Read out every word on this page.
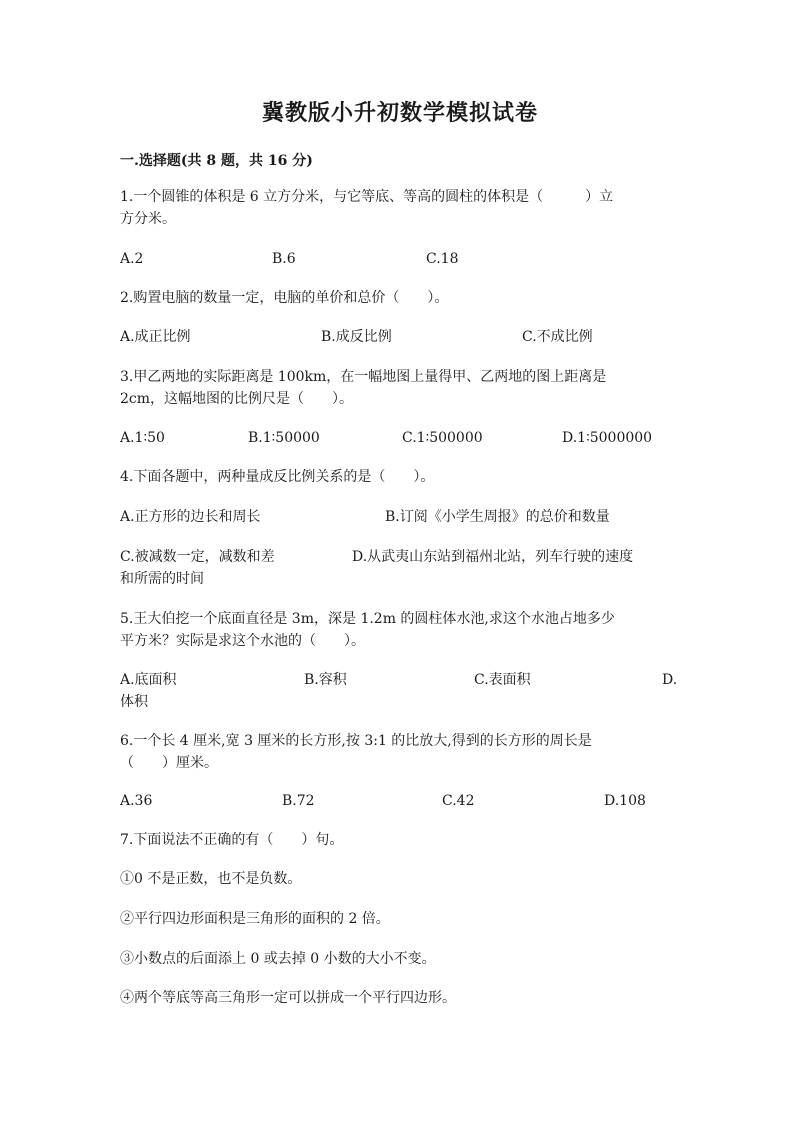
冀教版小升初数学模拟试卷
一.选择题(共 8 题，共 16 分)
1.一个圆锥的体积是 6 立方分米，与它等底、等高的圆柱的体积是（　　　）立
方分米。
A.2	B.6	C.18
2.购置电脑的数量一定，电脑的单价和总价（　　）。
A.成正比例	B.成反比例	C.不成比例
3.甲乙两地的实际距离是 100km，在一幅地图上量得甲、乙两地的图上距离是
2cm，这幅地图的比例尺是（　　）。
A.1∶50	B.1∶50000	C.1∶500000	D.1∶5000000
4.下面各题中，两种量成反比例关系的是（　　）。
A.正方形的边长和周长	B.订阅《小学生周报》的总价和数量
C.被减数一定，减数和差	D.从武夷山东站到福州北站，列车行驶的速度
和所需的时间
5.王大伯挖一个底面直径是 3m，深是 1.2m 的圆柱体水池,求这个水池占地多少
平方米？实际是求这个水池的（　　）。
A.底面积	B.容积	C.表面积	D.
体积
6.一个长 4 厘米,宽 3 厘米的长方形,按 3:1 的比放大,得到的长方形的周长是
（　　）厘米。
A.36	B.72	C.42	D.108
7.下面说法不正确的有（　　）句。
①0 不是正数，也不是负数。
②平行四边形面积是三角形的面积的 2 倍。
③小数点的后面添上 0 或去掉 0 小数的大小不变。
④两个等底等高三角形一定可以拼成一个平行四边形。
